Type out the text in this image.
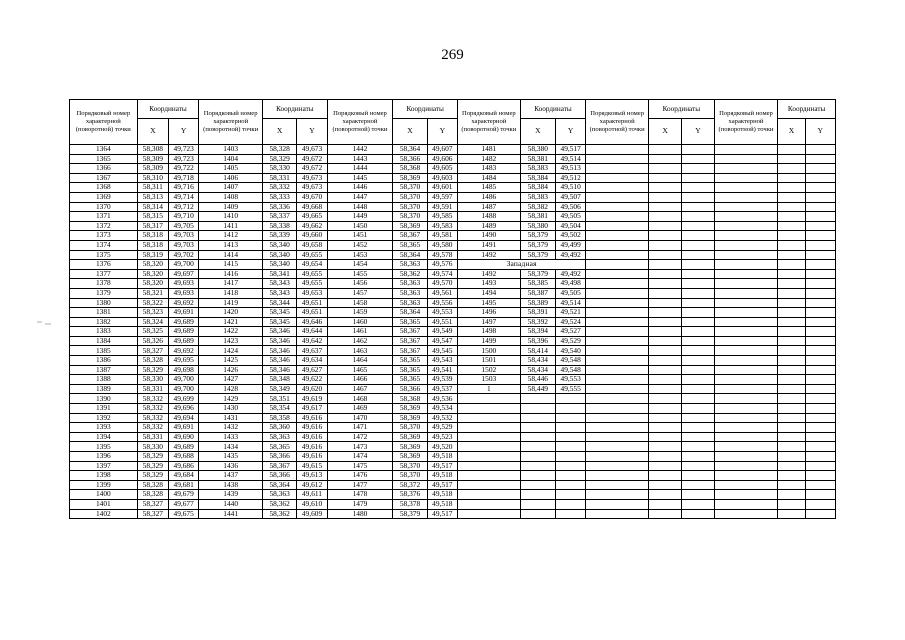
269
Порядковый номер характерной (поворотной) точки	Координаты		Порядковый номер характерной (поворотной) точки	Координаты		Порядковый номер характерной (поворотной) точки	Координаты		Порядковый номер характерной (поворотной) точки	Координаты		Порядковый номер характерной (поворотной) точки	Координаты		Порядковый номер характерной (поворотной) точки	Координаты	
	X	Y		X	Y		X	Y		X	Y		X	Y		X	Y
1364	58,308	49,723	1403	58,328	49,673	1442	58,364	49,607	1481	58,380	49,517						
1365	58,309	49,723	1404	58,329	49,672	1443	58,366	49,606	1482	58,381	49,514						
1366	58,309	49,722	1405	58,330	49,672	1444	58,368	49,605	1483	58,383	49,513						
1367	58,310	49,718	1406	58,331	49,673	1445	58,369	49,603	1484	58,384	49,512						
1368	58,311	49,716	1407	58,332	49,673	1446	58,370	49,601	1485	58,384	49,510						
1369	58,313	49,714	1408	58,333	49,670	1447	58,370	49,597	1486	58,383	49,507						
1370	58,314	49,712	1409	58,336	49,668	1448	58,370	49,591	1487	58,382	49,506						
1371	58,315	49,710	1410	58,337	49,665	1449	58,370	49,585	1488	58,381	49,505						
1372	58,317	49,705	1411	58,338	49,662	1450	58,369	49,583	1489	58,380	49,504						
1373	58,318	49,703	1412	58,339	49,660	1451	58,367	49,581	1490	58,379	49,502						
1374	58,318	49,703	1413	58,340	49,658	1452	58,365	49,580	1491	58,379	49,499						
1375	58,319	49,702	1414	58,340	49,655	1453	58,364	49,578	1492	58,379	49,492						
1376	58,320	49,700	1415	58,340	49,654	1454	58,363	49,576	Западная								
1377	58,320	49,697	1416	58,341	49,655	1455	58,362	49,574	1492	58,379	49,492						
1378	58,320	49,693	1417	58,343	49,655	1456	58,363	49,570	1493	58,385	49,498						
1379	58,321	49,693	1418	58,343	49,653	1457	58,363	49,561	1494	58,387	49,505						
1380	58,322	49,692	1419	58,344	49,651	1458	58,363	49,556	1495	58,389	49,514						
1381	58,323	49,691	1420	58,345	49,651	1459	58,364	49,553	1496	58,391	49,521						
1382	58,324	49,689	1421	58,345	49,646	1460	58,365	49,551	1497	58,392	49,524						
1383	58,325	49,689	1422	58,346	49,644	1461	58,367	49,549	1498	58,394	49,527						
1384	58,326	49,689	1423	58,346	49,642	1462	58,367	49,547	1499	58,396	49,529						
1385	58,327	49,692	1424	58,346	49,637	1463	58,367	49,545	1500	58,414	49,540						
1386	58,328	49,695	1425	58,346	49,634	1464	58,365	49,543	1501	58,434	49,548						
1387	58,329	49,698	1426	58,346	49,627	1465	58,365	49,541	1502	58,434	49,548						
1388	58,330	49,700	1427	58,348	49,622	1466	58,365	49,539	1503	58,446	49,553						
1389	58,331	49,700	1428	58,349	49,620	1467	58,366	49,537	1	58,449	49,555						
1390	58,332	49,699	1429	58,351	49,619	1468	58,368	49,536									
1391	58,332	49,696	1430	58,354	49,617	1469	58,369	49,534									
1392	58,332	49,694	1431	58,358	49,616	1470	58,369	49,532									
1393	58,332	49,691	1432	58,360	49,616	1471	58,370	49,529									
1394	58,331	49,690	1433	58,363	49,616	1472	58,369	49,523									
1395	58,330	49,689	1434	58,365	49,616	1473	58,369	49,520									
1396	58,329	49,688	1435	58,366	49,616	1474	58,369	49,518									
1397	58,329	49,686	1436	58,367	49,615	1475	58,370	49,517									
1398	58,329	49,684	1437	58,366	49,613	1476	58,370	49,518									
1399	58,328	49,681	1438	58,364	49,612	1477	58,372	49,517									
1400	58,328	49,679	1439	58,363	49,611	1478	58,376	49,518									
1401	58,327	49,677	1440	58,362	49,610	1479	58,378	49,518									
1402	58,327	49,675	1441	58,362	49,609	1480	58,379	49,517									
